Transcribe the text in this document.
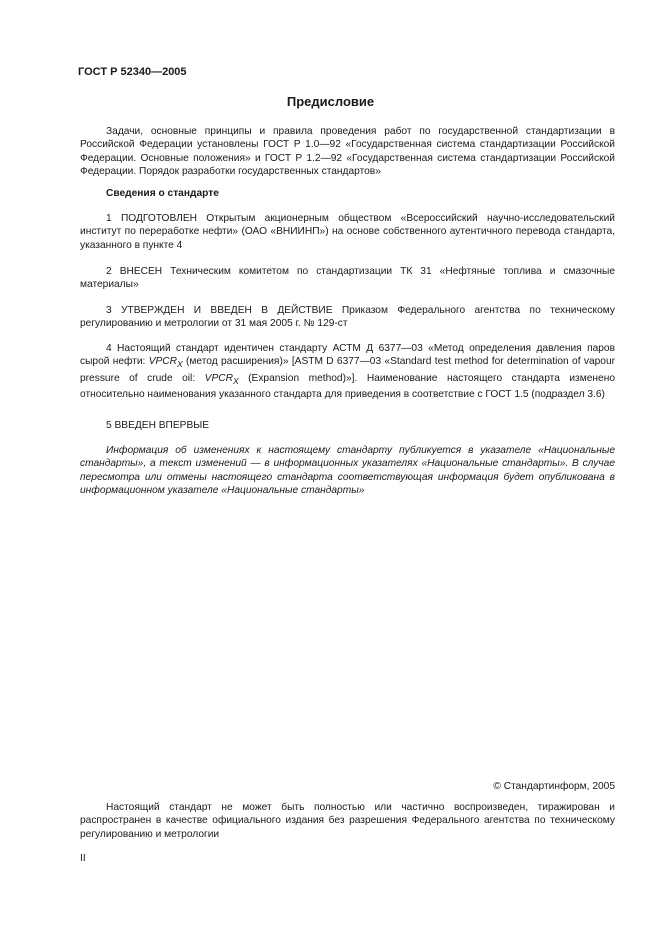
ГОСТ Р 52340—2005
Предисловие

Задачи, основные принципы и правила проведения работ по государственной стандартизации в Российской Федерации установлены ГОСТ Р 1.0—92 «Государственная система стандартизации Российской Федерации. Основные положения» и ГОСТ Р 1.2—92 «Государственная система стандартизации Российской Федерации. Порядок разработки государственных стандартов»

Сведения о стандарте

1 ПОДГОТОВЛЕН Открытым акционерным обществом «Всероссийский научно-исследовательский институт по переработке нефти» (ОАО «ВНИИНП») на основе собственного аутентичного перевода стандарта, указанного в пункте 4

2 ВНЕСЕН Техническим комитетом по стандартизации ТК 31 «Нефтяные топлива и смазочные материалы»

3 УТВЕРЖДЕН И ВВЕДЕН В ДЕЙСТВИЕ Приказом Федерального агентства по техническому регулированию и метрологии от 31 мая 2005 г. № 129-ст

4 Настоящий стандарт идентичен стандарту АСТМ Д 6377—03 «Метод определения давления паров сырой нефти: $VPCR_X$ (метод расширения)» [ASTM D 6377—03 «Standard test method for determination of vapour pressure of crude oil: $VPCR_X$ (Expansion method)»]. Наименование настоящего стандарта изменено относительно наименования указанного стандарта для приведения в соответствие с ГОСТ 1.5 (подраздел 3.6)

5 ВВЕДЕН ВПЕРВЫЕ

Информация об изменениях к настоящему стандарту публикуется в указателе «Национальные стандарты», а текст изменений — в информационных указателях «Национальные стандарты». В случае пересмотра или отмены настоящего стандарта соответствующая информация будет опубликована в информационном указателе «Национальные стандарты»

© Стандартинформ, 2005

Настоящий стандарт не может быть полностью или частично воспроизведен, тиражирован и распространен в качестве официального издания без разрешения Федерального агентства по техническому регулированию и метрологии

II
